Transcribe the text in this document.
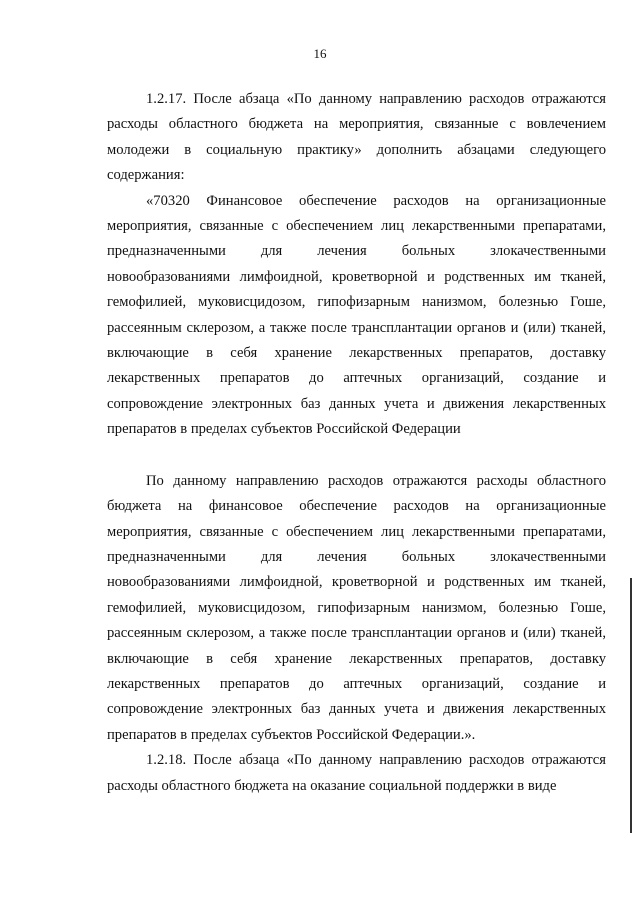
16

1.2.17. После абзаца «По данному направлению расходов отражаются расходы областного бюджета на мероприятия, связанные с вовлечением молодежи в социальную практику» дополнить абзацами следующего содержания:

«70320 Финансовое обеспечение расходов на организационные мероприятия, связанные с обеспечением лиц лекарственными препаратами, предназначенными для лечения больных злокачественными новообразованиями лимфоидной, кроветворной и родственных им тканей, гемофилией, муковисцидозом, гипофизарным нанизмом, болезнью Гоше, рассеянным склерозом, а также после трансплантации органов и (или) тканей, включающие в себя хранение лекарственных препаратов, доставку лекарственных препаратов до аптечных организаций, создание и сопровождение электронных баз данных учета и движения лекарственных препаратов в пределах субъектов Российской Федерации

По данному направлению расходов отражаются расходы областного бюджета на финансовое обеспечение расходов на организационные мероприятия, связанные с обеспечением лиц лекарственными препаратами, предназначенными для лечения больных злокачественными новообразованиями лимфоидной, кроветворной и родственных им тканей, гемофилией, муковисцидозом, гипофизарным нанизмом, болезнью Гоше, рассеянным склерозом, а также после трансплантации органов и (или) тканей, включающие в себя хранение лекарственных препаратов, доставку лекарственных препаратов до аптечных организаций, создание и сопровождение электронных баз данных учета и движения лекарственных препаратов в пределах субъектов Российской Федерации.».

1.2.18. После абзаца «По данному направлению расходов отражаются расходы областного бюджета на оказание социальной поддержки в виде
